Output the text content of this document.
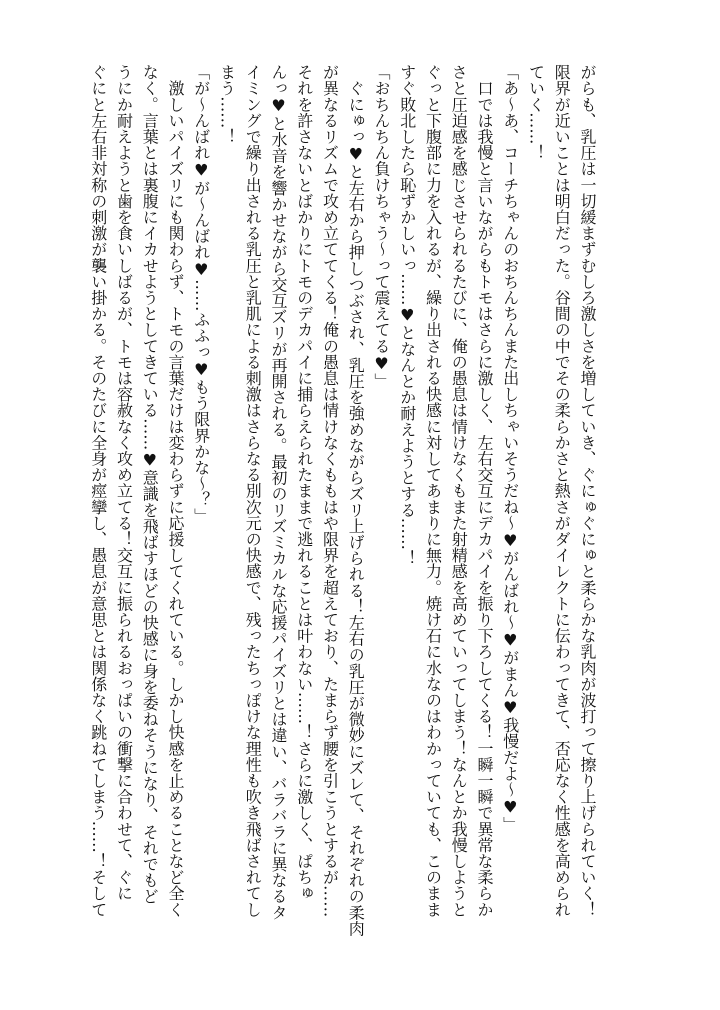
がらも、乳圧は一切緩まずむしろ激しさを増していき、ぐにゅぐにゅと柔らかな乳肉が波打って擦り上げられていく！

限界が近いことは明白だった。谷間の中でその柔らかさと熱さがダイレクトに伝わってきて、否応なく性感を高められ

ていく……！

「あ～あ、コーチちゃんのおちんちんまた出しちゃいそうだね～♥がんばれ～♥がまん♥我慢だよ～♥」

　口では我慢と言いながらもトモはさらに激しく、左右交互にデカパイを振り下ろしてくる！一瞬一瞬で異常な柔らか

さと圧迫感を感じさせられるたびに、俺の愚息は情けなくもまた射精感を高めていってしまう！なんとか我慢しようと

ぐっと下腹部に力を入れるが、繰り出される快感に対してあまりに無力。焼け石に水なのはわかっていても、このまま

すぐ敗北したら恥ずかしいっ……♥となんとか耐えようとする……！

「おちんちん負けちゃう～って震えてる♥」

　ぐにゅっ♥と左右から押しつぶされ、乳圧を強めながらズリ上げられる！左右の乳圧が微妙にズレて、それぞれの柔肉

が異なるリズムで攻め立ててくる！俺の愚息は情けなくももはや限界を超えており、たまらず腰を引こうとするが……

それを許さないとばかりにトモのデカパイに捕らえられたままで逃れることは叶わない……！さらに激しく、ぱちゅ

んっ♥と水音を響かせながら交互ズリが再開される。最初のリズミカルな応援パイズリとは違い、バラバラに異なるタ

イミングで繰り出される乳圧と乳肌による刺激はさらなる別次元の快感で、残ったちっぽけな理性も吹き飛ばされてし

まう……！

「が～んばれ♥が～んばれ♥……ふふっ♥もう限界かな～？」

　激しいパイズリにも関わらず、トモの言葉だけは変わらずに応援してくれている。しかし快感を止めることなど全く

なく。言葉とは裏腹にイカせようとしてきている……♥意識を飛ばすほどの快感に身を委ねそうになり、それでもど

うにか耐えようと歯を食いしばるが、トモは容赦なく攻め立てる！交互に振られるおっぱいの衝撃に合わせて、ぐに

ぐにと左右非対称の刺激が襲い掛かる。そのたびに全身が痙攣し、愚息が意思とは関係なく跳ねてしまう……！そして
